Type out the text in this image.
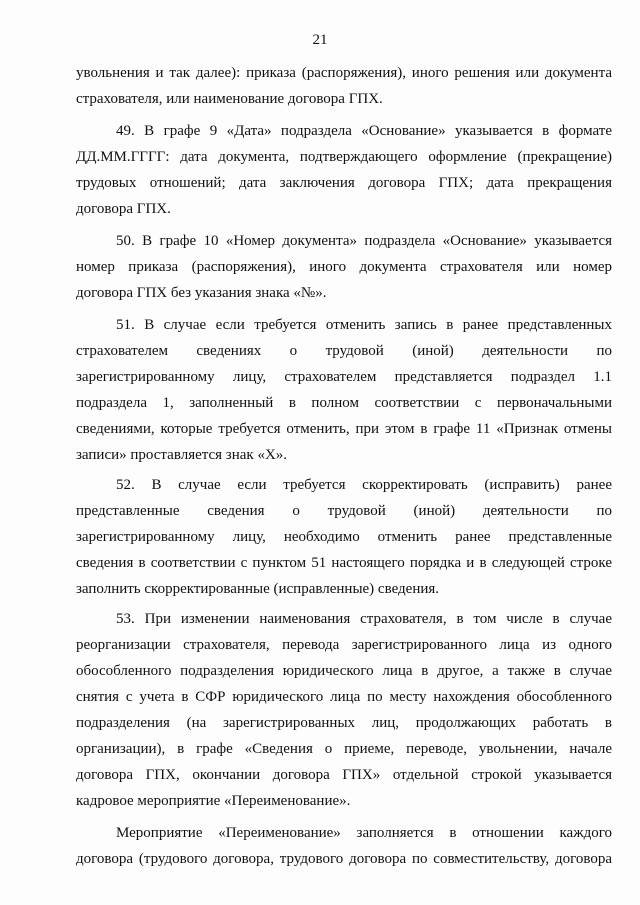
21
увольнения и так далее): приказа (распоряжения), иного решения или документа
страхователя, или наименование договора ГПХ.
49. В графе 9 «Дата» подраздела «Основание» указывается в формате
ДД.ММ.ГГГГ: дата документа, подтверждающего оформление (прекращение)
трудовых отношений; дата заключения договора ГПХ; дата прекращения
договора ГПХ.
50. В графе 10 «Номер документа» подраздела «Основание» указывается
номер приказа (распоряжения), иного документа страхователя или номер
договора ГПХ без указания знака «№».
51. В случае если требуется отменить запись в ранее представленных
страхователем сведениях о трудовой (иной) деятельности по
зарегистрированному лицу, страхователем представляется подраздел 1.1
подраздела 1, заполненный в полном соответствии с первоначальными
сведениями, которые требуется отменить, при этом в графе 11 «Признак отмены
записи» проставляется знак «Х».
52. В случае если требуется скорректировать (исправить) ранее
представленные сведения о трудовой (иной) деятельности по
зарегистрированному лицу, необходимо отменить ранее представленные
сведения в соответствии с пунктом 51 настоящего порядка и в следующей строке
заполнить скорректированные (исправленные) сведения.
53. При изменении наименования страхователя, в том числе в случае
реорганизации страхователя, перевода зарегистрированного лица из одного
обособленного подразделения юридического лица в другое, а также в случае
снятия с учета в СФР юридического лица по месту нахождения обособленного
подразделения (на зарегистрированных лиц, продолжающих работать в
организации), в графе «Сведения о приеме, переводе, увольнении, начале
договора ГПХ, окончании договора ГПХ» отдельной строкой указывается
кадровое мероприятие «Переименование».
Мероприятие «Переименование» заполняется в отношении каждого
договора (трудового договора, трудового договора по совместительству, договора
